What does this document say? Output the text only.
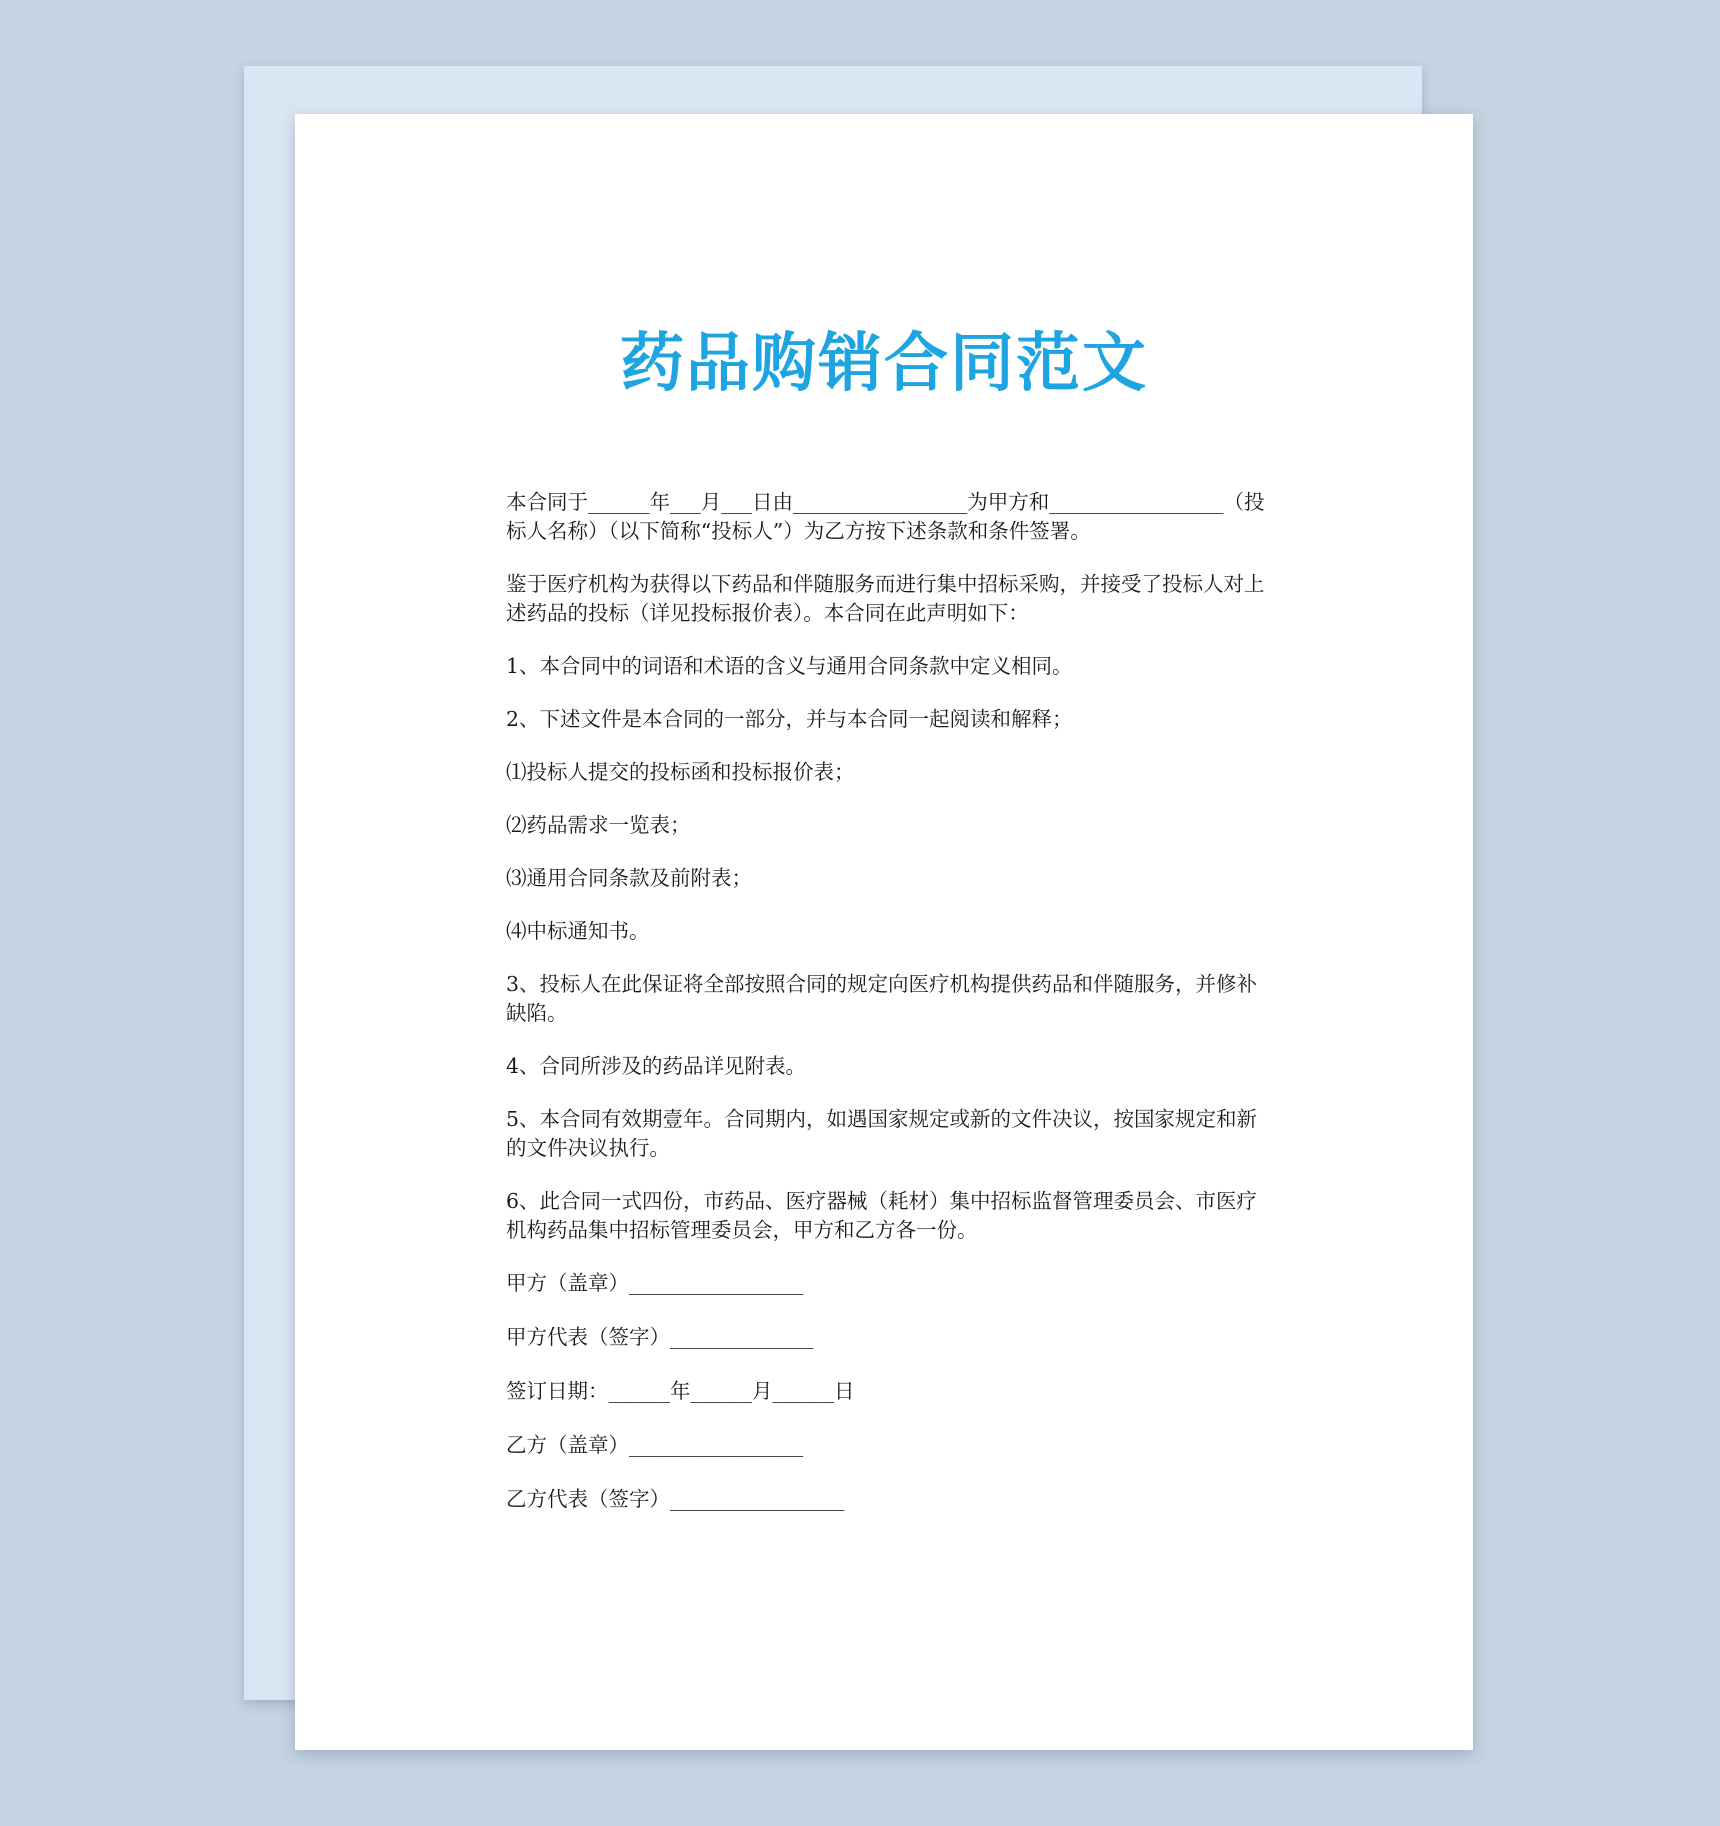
药品购销合同范文

本合同于______年___月___日由_________________为甲方和_________________（投标人名称）（以下简称“投标人”）为乙方按下述条款和条件签署。

鉴于医疗机构为获得以下药品和伴随服务而进行集中招标采购，并接受了投标人对上述药品的投标（详见投标报价表）。本合同在此声明如下：

1、本合同中的词语和术语的含义与通用合同条款中定义相同。

2、下述文件是本合同的一部分，并与本合同一起阅读和解释；

⑴投标人提交的投标函和投标报价表；

⑵药品需求一览表；

⑶通用合同条款及前附表；

⑷中标通知书。

3、投标人在此保证将全部按照合同的规定向医疗机构提供药品和伴随服务，并修补缺陷。

4、合同所涉及的药品详见附表。

5、本合同有效期壹年。合同期内，如遇国家规定或新的文件决议，按国家规定和新的文件决议执行。

6、此合同一式四份，市药品、医疗器械（耗材）集中招标监督管理委员会、市医疗机构药品集中招标管理委员会，甲方和乙方各一份。

甲方（盖章）_________________

甲方代表（签字）______________

签订日期：______年______月______日

乙方（盖章）_________________

乙方代表（签字）_________________
